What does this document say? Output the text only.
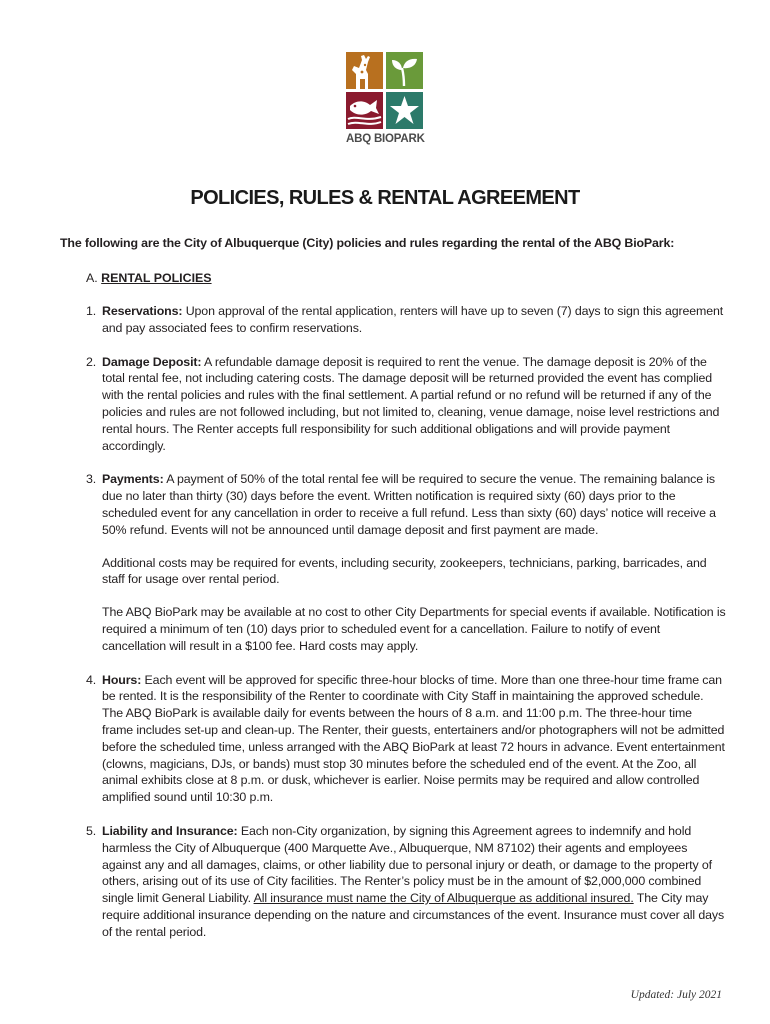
ABQ BIOPARK
POLICIES, RULES & RENTAL AGREEMENT

The following are the City of Albuquerque (City) policies and rules regarding the rental of the ABQ BioPark:

A. RENTAL POLICIES

1. Reservations: Upon approval of the rental application, renters will have up to seven (7) days to sign this agreement and pay associated fees to confirm reservations.

2. Damage Deposit: A refundable damage deposit is required to rent the venue. The damage deposit is 20% of the total rental fee, not including catering costs. The damage deposit will be returned provided the event has complied with the rental policies and rules with the final settlement. A partial refund or no refund will be returned if any of the policies and rules are not followed including, but not limited to, cleaning, venue damage, noise level restrictions and rental hours. The Renter accepts full responsibility for such additional obligations and will provide payment accordingly.

3. Payments: A payment of 50% of the total rental fee will be required to secure the venue. The remaining balance is due no later than thirty (30) days before the event. Written notification is required sixty (60) days prior to the scheduled event for any cancellation in order to receive a full refund. Less than sixty (60) days’ notice will receive a 50% refund. Events will not be announced until damage deposit and first payment are made.

Additional costs may be required for events, including security, zookeepers, technicians, parking, barricades, and staff for usage over rental period.

The ABQ BioPark may be available at no cost to other City Departments for special events if available. Notification is required a minimum of ten (10) days prior to scheduled event for a cancellation. Failure to notify of event cancellation will result in a $100 fee. Hard costs may apply.

4. Hours: Each event will be approved for specific three-hour blocks of time. More than one three-hour time frame can be rented. It is the responsibility of the Renter to coordinate with City Staff in maintaining the approved schedule. The ABQ BioPark is available daily for events between the hours of 8 a.m. and 11:00 p.m. The three-hour time frame includes set-up and clean-up. The Renter, their guests, entertainers and/or photographers will not be admitted before the scheduled time, unless arranged with the ABQ BioPark at least 72 hours in advance. Event entertainment (clowns, magicians, DJs, or bands) must stop 30 minutes before the scheduled end of the event. At the Zoo, all animal exhibits close at 8 p.m. or dusk, whichever is earlier. Noise permits may be required and allow controlled amplified sound until 10:30 p.m.

5. Liability and Insurance: Each non-City organization, by signing this Agreement agrees to indemnify and hold harmless the City of Albuquerque (400 Marquette Ave., Albuquerque, NM 87102) their agents and employees against any and all damages, claims, or other liability due to personal injury or death, or damage to the property of others, arising out of its use of City facilities. The Renter’s policy must be in the amount of $2,000,000 combined single limit General Liability. All insurance must name the City of Albuquerque as additional insured. The City may require additional insurance depending on the nature and circumstances of the event. Insurance must cover all days of the rental period.

Updated: July 2021
